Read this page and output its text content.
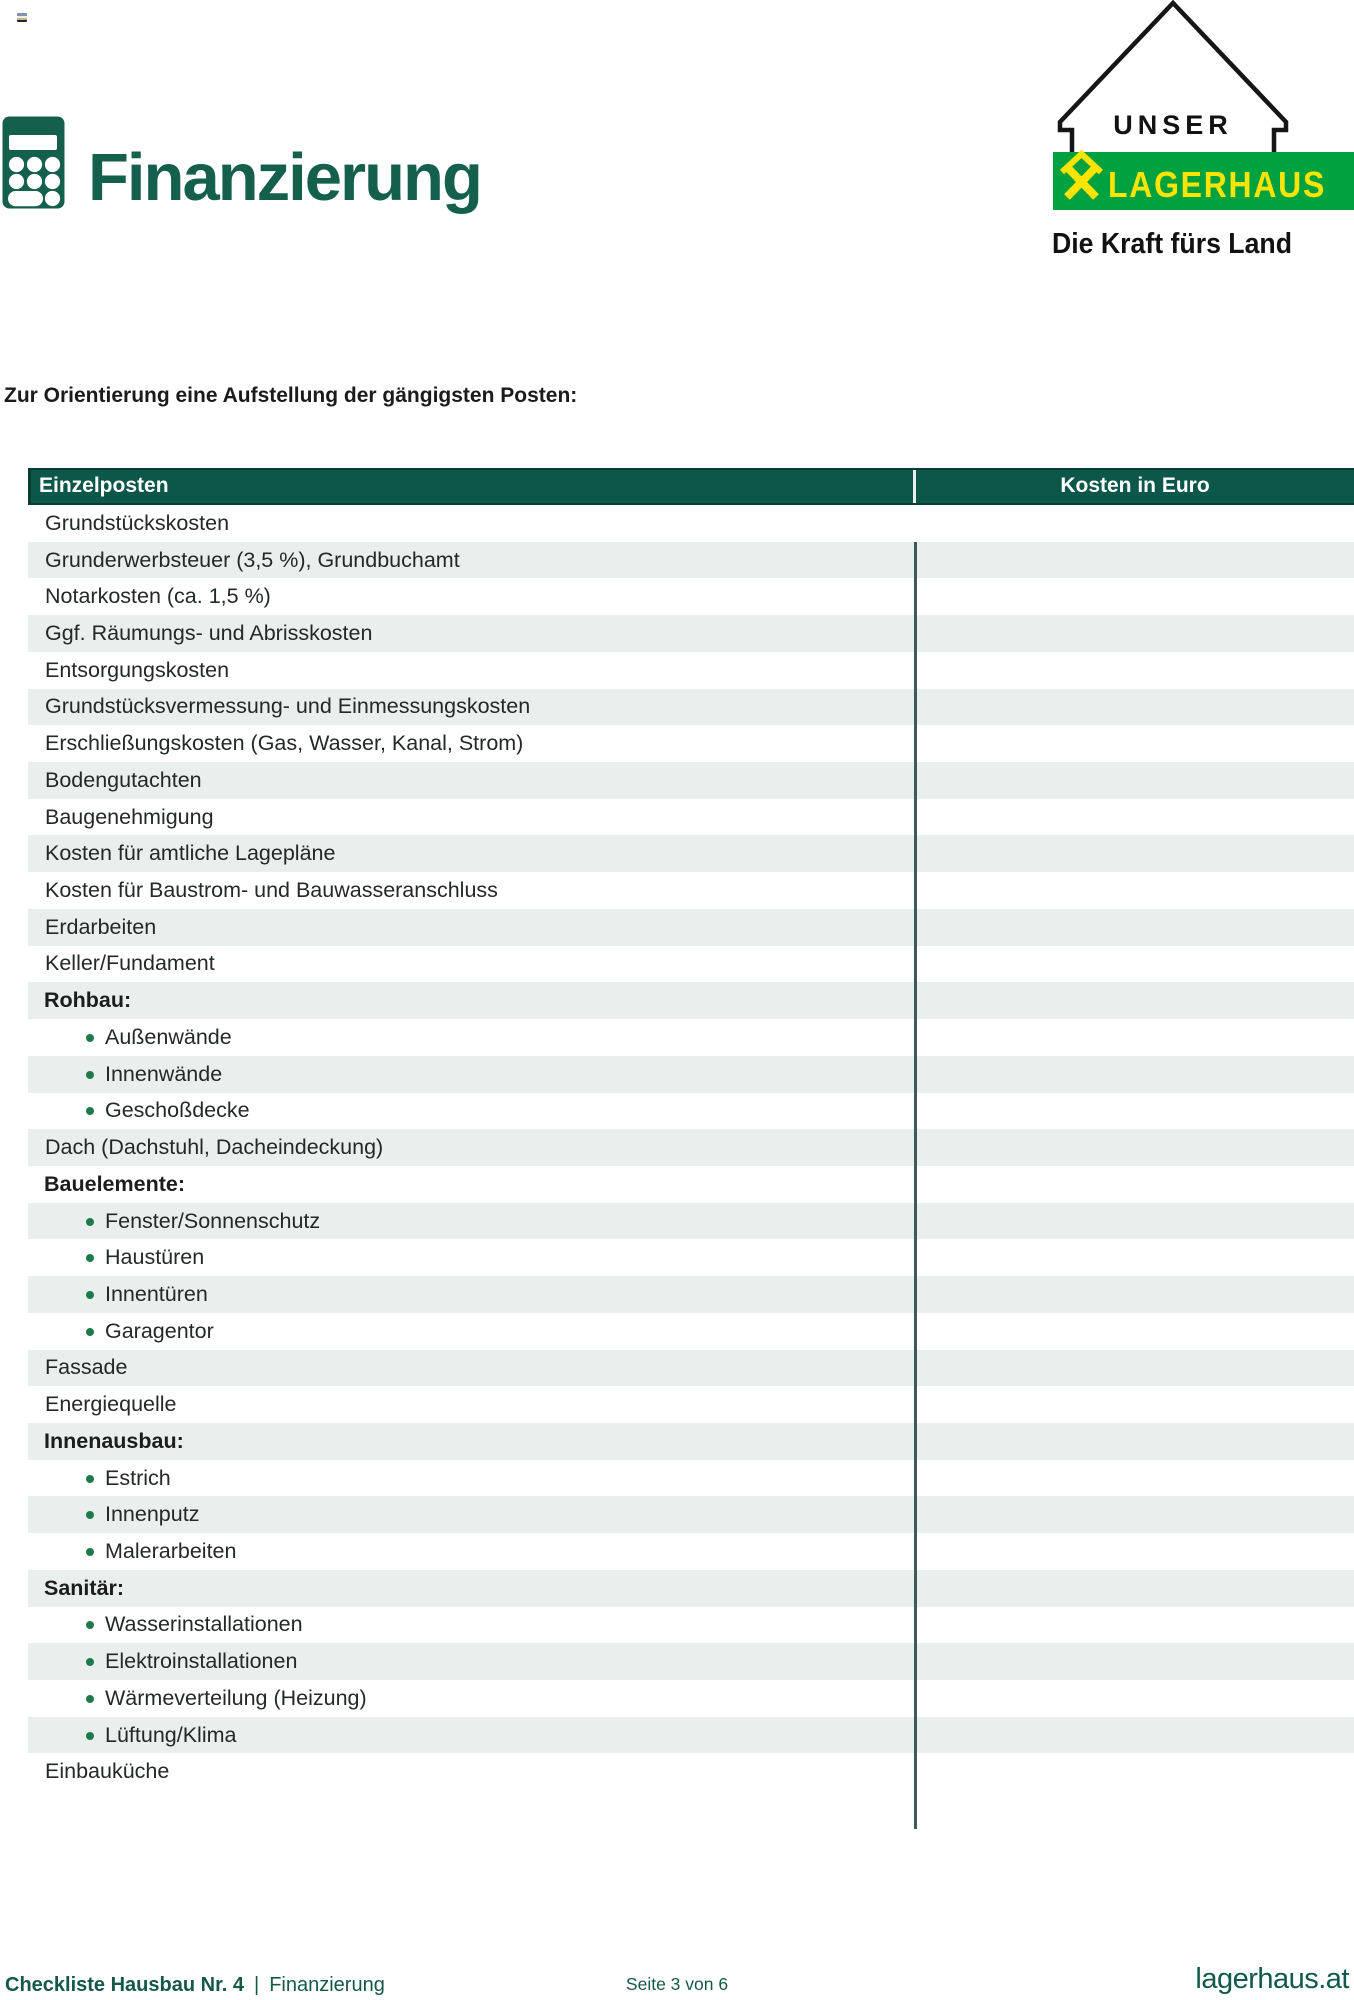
Finanzierung
UNSER
LAGERHAUS
Die Kraft fürs Land

Zur Orientierung eine Aufstellung der gängigsten Posten:

Einzelposten	Kosten in Euro
Grundstückskosten
Grunderwerbsteuer (3,5 %), Grundbuchamt
Notarkosten (ca. 1,5 %)
Ggf. Räumungs- und Abrisskosten
Entsorgungskosten
Grundstücksvermessung- und Einmessungskosten
Erschließungskosten (Gas, Wasser, Kanal, Strom)
Bodengutachten
Baugenehmigung
Kosten für amtliche Lagepläne
Kosten für Baustrom- und Bauwasseranschluss
Erdarbeiten
Keller/Fundament
Rohbau:
Außenwände
Innenwände
Geschoßdecke
Dach (Dachstuhl, Dacheindeckung)
Bauelemente:
Fenster/Sonnenschutz
Haustüren
Innentüren
Garagentor
Fassade
Energiequelle
Innenausbau:
Estrich
Innenputz
Malerarbeiten
Sanitär:
Wasserinstallationen
Elektroinstallationen
Wärmeverteilung (Heizung)
Lüftung/Klima
Einbauküche
Checkliste Hausbau Nr. 4 | Finanzierung	Seite 3 von 6	lagerhaus.at
